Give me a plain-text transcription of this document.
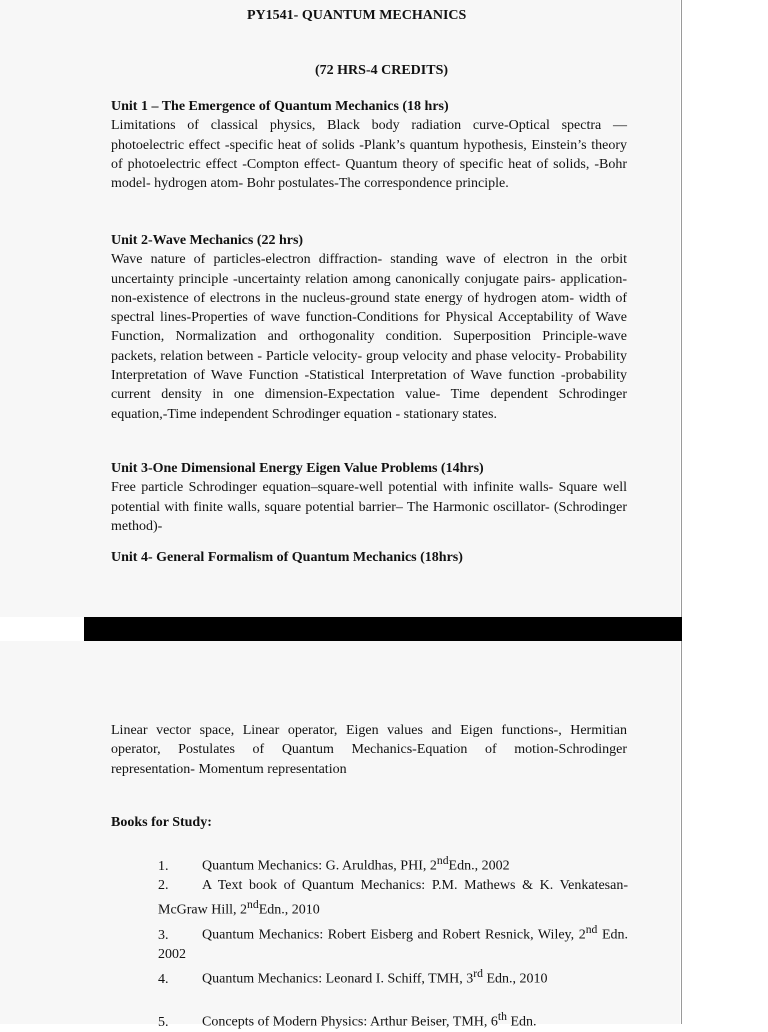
PY1541- QUANTUM MECHANICS
(72 HRS-4 CREDITS)
Unit 1 – The Emergence of Quantum Mechanics (18 hrs)
Limitations of classical physics, Black body radiation curve-Optical spectra — photoelectric effect -specific heat of solids -Plank’s quantum hypothesis, Einstein’s theory of photoelectric effect -Compton effect- Quantum theory of specific heat of solids, -Bohr model- hydrogen atom- Bohr postulates-The correspondence principle.
Unit 2-Wave Mechanics (22 hrs)
Wave nature of particles-electron diffraction- standing wave of electron in the orbit uncertainty principle -uncertainty relation among canonically conjugate pairs- application- non-existence of electrons in the nucleus-ground state energy of hydrogen atom- width of spectral lines-Properties of wave function-Conditions for Physical Acceptability of Wave Function, Normalization and orthogonality condition. Superposition Principle-wave packets, relation between - Particle velocity- group velocity and phase velocity- Probability Interpretation of Wave Function -Statistical Interpretation of Wave function -probability current density in one dimension-Expectation value- Time dependent Schrodinger equation,-Time independent Schrodinger equation - stationary states.
Unit 3-One Dimensional Energy Eigen Value Problems (14hrs)
Free particle Schrodinger equation–square-well potential with infinite walls- Square well potential with finite walls, square potential barrier– The Harmonic oscillator- (Schrodinger method)-
Unit 4- General Formalism of Quantum Mechanics (18hrs)
Linear vector space, Linear operator, Eigen values and Eigen functions-, Hermitian operator, Postulates of Quantum Mechanics-Equation of motion-Schrodinger representation- Momentum representation
Books for Study:
1. Quantum Mechanics: G. Aruldhas, PHI, 2ndEdn., 2002
2. A Text book of Quantum Mechanics: P.M. Mathews & K. Venkatesan- McGraw Hill, 2ndEdn., 2010
3. Quantum Mechanics: Robert Eisberg and Robert Resnick, Wiley, 2nd Edn. 2002
4. Quantum Mechanics: Leonard I. Schiff, TMH, 3rd Edn., 2010
5. Concepts of Modern Physics: Arthur Beiser, TMH, 6th Edn.
